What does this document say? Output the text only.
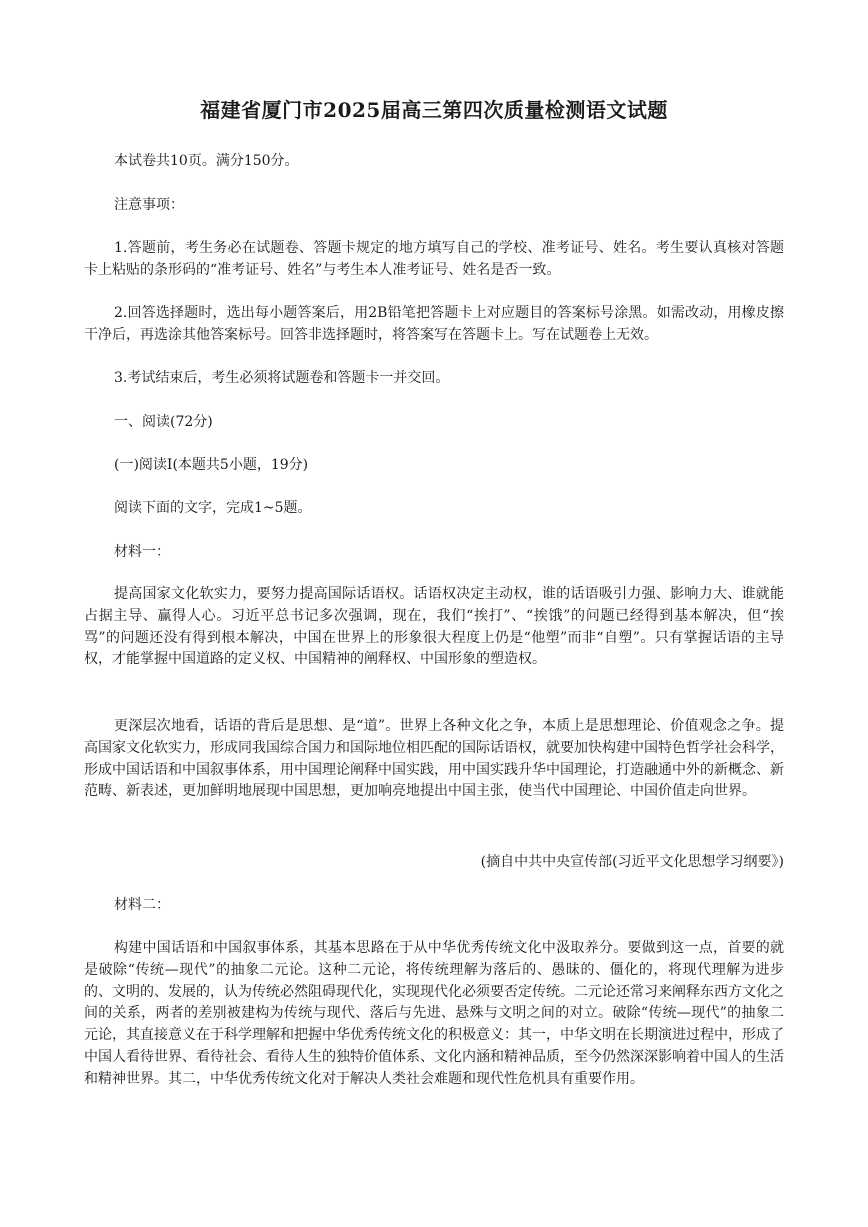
福建省厦门市2025届高三第四次质量检测语文试题
本试卷共10页。满分150分。
注意事项：
1.答题前，考生务必在试题卷、答题卡规定的地方填写自己的学校、准考证号、姓名。考生要认真核对答题卡上粘贴的条形码的“准考证号、姓名”与考生本人准考证号、姓名是否一致。
2.回答选择题时，选出每小题答案后，用2B铅笔把答题卡上对应题目的答案标号涂黑。如需改动，用橡皮擦干净后，再选涂其他答案标号。回答非选择题时，将答案写在答题卡上。写在试题卷上无效。
3.考试结束后，考生必须将试题卷和答题卡一并交回。
一、阅读(72分)
(一)阅读Ⅰ(本题共5小题，19分)
阅读下面的文字，完成1~5题。
材料一：
提高国家文化软实力，要努力提高国际话语权。话语权决定主动权，谁的话语吸引力强、影响力大、谁就能占据主导、赢得人心。习近平总书记多次强调，现在，我们“挨打”、“挨饿”的问题已经得到基本解决，但“挨骂”的问题还没有得到根本解决，中国在世界上的形象很大程度上仍是“他塑”而非“自塑”。只有掌握话语的主导权，才能掌握中国道路的定义权、中国精神的阐释权、中国形象的塑造权。
更深层次地看，话语的背后是思想、是“道”。世界上各种文化之争，本质上是思想理论、价值观念之争。提高国家文化软实力，形成同我国综合国力和国际地位相匹配的国际话语权，就要加快构建中国特色哲学社会科学，形成中国话语和中国叙事体系，用中国理论阐释中国实践，用中国实践升华中国理论，打造融通中外的新概念、新范畴、新表述，更加鲜明地展现中国思想，更加响亮地提出中国主张，使当代中国理论、中国价值走向世界。
(摘自中共中央宣传部(习近平文化思想学习纲要》)
材料二：
构建中国话语和中国叙事体系，其基本思路在于从中华优秀传统文化中汲取养分。要做到这一点，首要的就是破除“传统—现代”的抽象二元论。这种二元论，将传统理解为落后的、愚昧的、僵化的，将现代理解为进步的、文明的、发展的，认为传统必然阻碍现代化，实现现代化必须要否定传统。二元论还常习来阐释东西方文化之间的关系，两者的差别被建构为传统与现代、落后与先进、悬殊与文明之间的对立。破除“传统—现代”的抽象二元论，其直接意义在于科学理解和把握中华优秀传统文化的积极意义：其一，中华文明在长期演进过程中，形成了中国人看待世界、看待社会、看待人生的独特价值体系、文化内涵和精神品质，至今仍然深深影响着中国人的生活和精神世界。其二，中华优秀传统文化对于解决人类社会难题和现代性危机具有重要作用。
